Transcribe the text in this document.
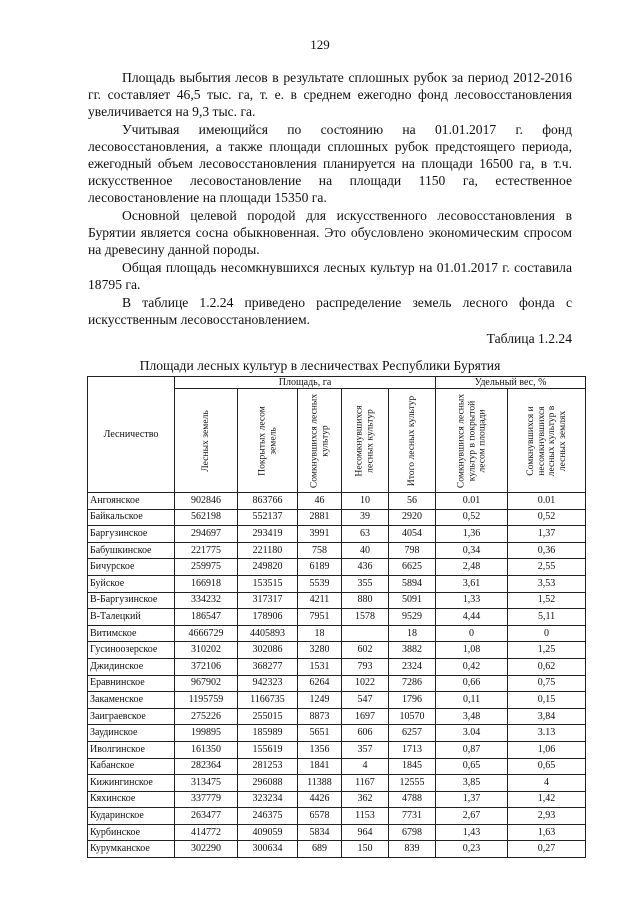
129

Площадь выбытия лесов в результате сплошных рубок за период 2012-2016 гг. составляет 46,5 тыс. га, т. е. в среднем ежегодно фонд лесовосстановления увеличивается на 9,3 тыс. га.

Учитывая имеющийся по состоянию на 01.01.2017 г. фонд лесовосстановления, а также площади сплошных рубок предстоящего периода, ежегодный объем лесовосстановления планируется на площади 16500 га, в т.ч. искусственное лесовостановление на площади 1150 га, естественное лесовостановление на площади 15350 га.

Основной целевой породой для искусственного лесовосстановления в Бурятии является сосна обыкновенная. Это обусловлено экономическим спросом на древесину данной породы.

Общая площадь несомкнувшихся лесных культур на 01.01.2017 г. составила 18795 га.

В таблице 1.2.24 приведено распределение земель лесного фонда с искусственным лесовосстановлением.

Таблица 1.2.24
Площади лесных культур в лесничествах Республики Бурятия
Лесничество	Площадь, га					Удельный вес, %	

	Лесных земель	Покрытых лесом земель	Сомкнувшихся лесных культур	Несомкнувшихся лесных культур	Итого лесных культур	Сомкнувшихся лесных культур в покрытой лесом площади	Сомкнувшихся и несомкнувшихся лесных культур в лесных землях

Ангоянское	902846	863766	46	10	56	0.01	0.01
Байкальское	562198	552137	2881	39	2920	0,52	0,52
Баргузинское	294697	293419	3991	63	4054	1,36	1,37
Бабушкинское	221775	221180	758	40	798	0,34	0,36
Бичурское	259975	249820	6189	436	6625	2,48	2,55
Буйское	166918	153515	5539	355	5894	3,61	3,53
В-Баргузинское	334232	317317	4211	880	5091	1,33	1,52
В-Талецкий	186547	178906	7951	1578	9529	4,44	5,11
Витимское	4666729	4405893	18		18	0	0
Гусиноозерское	310202	302086	3280	602	3882	1,08	1,25
Джидинское	372106	368277	1531	793	2324	0,42	0,62
Еравнинское	967902	942323	6264	1022	7286	0,66	0,75
Закаменское	1195759	1166735	1249	547	1796	0,11	0,15
Заиграевское	275226	255015	8873	1697	10570	3,48	3,84
Заудинское	199895	185989	5651	606	6257	3.04	3.13
Иволгинское	161350	155619	1356	357	1713	0,87	1,06
Кабанское	282364	281253	1841	4	1845	0,65	0,65
Кижингинское	313475	296088	11388	1167	12555	3,85	4
Кяхинское	337779	323234	4426	362	4788	1,37	1,42
Кударинское	263477	246375	6578	1153	7731	2,67	2,93
Курбинское	414772	409059	5834	964	6798	1,43	1,63
Курумканское	302290	300634	689	150	839	0,23	0,27
